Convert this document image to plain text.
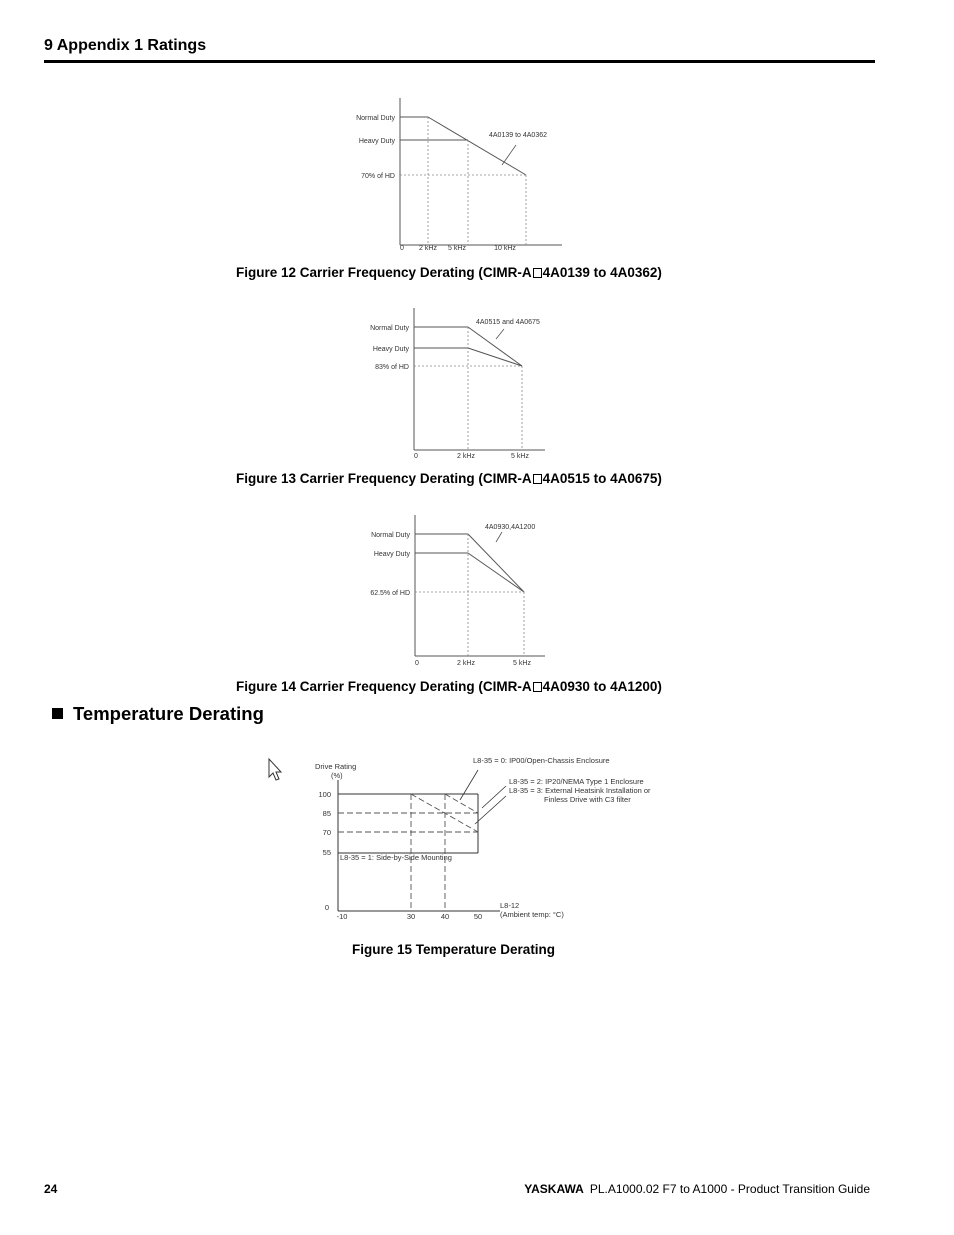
9 Appendix 1 Ratings
Normal Duty
Heavy Duty
70% of HD
0 2 kHz 5 kHz	10 kHz
4A0139 to 4A0362
Figure 12 Carrier Frequency Derating (CIMR-A 4A0139 to 4A0362)
Normal Duty
Heavy Duty
83% of HD
0	2 kHz	5 kHz
4A0515 and 4A0675
Figure 13 Carrier Frequency Derating (CIMR-A 4A0515 to 4A0675)
Normal Duty
Heavy Duty
62.5% of HD
0	2 kHz	5 kHz
4A0930,4A1200
Figure 14 Carrier Frequency Derating (CIMR-A 4A0930 to 4A1200)
Temperature Derating
Drive Rating
(%)
100
85
70
55
0
-10	30	40	50
L8-12
(Ambient temp: °C)
L8-35 = 0: IP00/Open-Chassis Enclosure
L8-35 = 2: IP20/NEMA Type 1 Enclosure
L8-35 = 3: External Heatsink Installation or
Finless Drive with C3 filter
L8-35 = 1: Side-by-Side Mounting
Figure 15 Temperature Derating
24	YASKAWA PL.A1000.02 F7 to A1000 - Product Transition Guide
